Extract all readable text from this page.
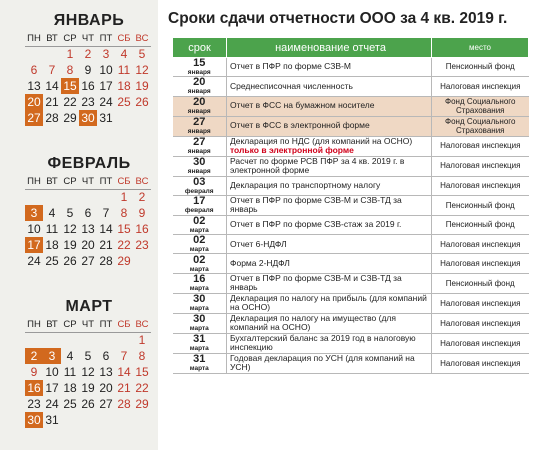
ЯНВАРЬ
ПН	ВТ	СР	ЧТ	ПТ	СБ	ВС
		1	2	3	4	5
6	7	8	9	10	11	12
13	14	15	16	17	18	19
20	21	22	23	24	25	26
27	28	29	30	31		
ФЕВРАЛЬ
ПН	ВТ	СР	ЧТ	ПТ	СБ	ВС
					1	2
3	4	5	6	7	8	9
10	11	12	13	14	15	16
17	18	19	20	21	22	23
24	25	26	27	28	29	
МАРТ
ПН	ВТ	СР	ЧТ	ПТ	СБ	ВС
						1
2	3	4	5	6	7	8
9	10	11	12	13	14	15
16	17	18	19	20	21	22
23	24	25	26	27	28	29
30	31					
Сроки сдачи отчетности ООО за 4 кв. 2019 г.
срок	наименование отчета	место

15
января	Отчет в ПФР по форме СЗВ-М	Пенсионный фонд

20
января	Среднесписочная численность	Налоговая инспекция

20
января	Отчет в ФСС на бумажном носителе	Фонд Социального Страхования

27
января	Отчет в ФСС в электронной форме	Фонд Социального Страхования

27
января	Декларация по НДС (для компаний на ОСНО)
только в электронной форме	Налоговая инспекция

30
января	Расчет по форме РСВ ПФР за 4 кв. 2019 г. в электронной форме	Налоговая инспекция

03
февраля	Декларация по транспортному налогу	Налоговая инспекция

17
февраля	Отчет в ПФР по форме СЗВ-М и СЗВ-ТД за январь	Пенсионный фонд

02
марта	Отчет в ПФР по форме СЗВ-стаж за 2019 г.	Пенсионный фонд

02
марта	Отчет 6-НДФЛ	Налоговая инспекция

02
марта	Форма 2-НДФЛ	Налоговая инспекция

16
марта	Отчет в ПФР по форме СЗВ-М и СЗВ-ТД за январь	Пенсионный фонд

30
марта	Декларация по налогу на прибыль (для компаний на ОСНО)	Налоговая инспекция

30
марта	Декларация по налогу на имущество (для компаний на ОСНО)	Налоговая инспекция

31
марта	Бухгалтерский баланс за 2019 год в налоговую инспекцию	Налоговая инспекция

31
марта	Годовая декларация по УСН (для компаний на УСН)	Налоговая инспекция
